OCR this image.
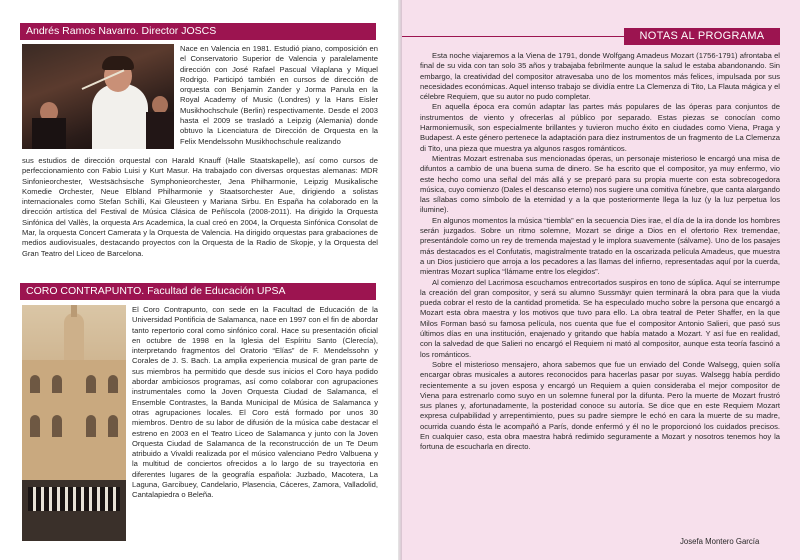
Andrés Ramos Navarro. Director JOSCS
Nace en Valencia en 1981. Estudió piano, composición en el Conservatorio Superior de Valencia y paralelamente dirección con José Rafael Pascual Vilaplana y Miquel Rodrigo. Participó también en cursos de dirección de orquesta con Benjamin Zander y Jorma Panula en la Royal Academy of Music (Londres) y la Hans Eisler Musikhochschule (Berlin) respectivamente. Desde el 2003 hasta el 2009 se trasladó a Leipzig (Alemania) donde obtuvo la Licenciatura de Dirección de Orquesta en la Felix Mendelssohn Musikhochschule realizando
sus estudios de dirección orquestal con Harald Knauff (Halle Staatskapelle), así como cursos de perfeccionamiento con Fabio Luisi y Kurt Masur. Ha trabajado con diversas orquestas alemanas: MDR Sinfonieorchester, Westsächsische Symphonieorchester, Jena Philharmonie, Leipzig Musikalische Komedie Orchester, Neue Elbland Philharmonie y Staatsorchester Aue, dirigiendo a solistas internacionales como Stefan Schilli, Kai Gleusteen y Mariana Sirbu. En España ha colaborado en la dirección artística del Festival de Música Clásica de Peñíscola (2008-2011). Ha dirigido la Orquesta Sinfónica del Vallès, la orquesta Ars Academica, la cual creó en 2004, la Orquesta Sinfónica Consolat de Mar, la orquesta Concert Camerata y la Orquesta de Valencia. Ha dirigido orquestas para grabaciones de medios audiovisuales, destacando proyectos con la Orquesta de la Radio de Skopje, y la Orquesta del Gran Teatro del Liceo de Barcelona.
CORO CONTRAPUNTO. Facultad de Educación UPSA
El Coro Contrapunto, con sede en la Facultad de Educación de la Universidad Pontificia de Salamanca, nace en 1997 con el fin de abordar tanto repertorio coral como sinfónico coral. Hace su presentación oficial en octubre de 1998 en la Iglesia del Espíritu Santo (Clerecía), interpretando fragmentos del Oratorio “Elías” de F. Mendelssohn y Corales de J. S. Bach. La amplia experiencia musical de gran parte de sus miembros ha permitido que desde sus inicios el Coro haya podido abordar ambiciosos programas, así como colaborar con agrupaciones instrumentales como la Joven Orquesta Ciudad de Salamanca, el Ensemble Contrastes, la Banda Municipal de Música de Salamanca y otras agrupaciones locales. El Coro está formado por unos 30 miembros. Dentro de su labor de difusión de la música cabe destacar el estreno en 2003 en el Teatro Liceo de Salamanca y junto con la Joven Orquesta Ciudad de Salamanca de la reconstrucción de un Te Deum atribuido a Vivaldi realizada por el músico valenciano Pedro Valbuena y la multitud de conciertos ofrecidos a lo largo de su trayectoria en diferentes lugares de la geografía española: Juzbado, Macotera, La Laguna, Garcibuey, Candelario, Plasencia, Cáceres, Zamora, Valladolid, Cantalapiedra o Beleña.
NOTAS AL PROGRAMA

Esta noche viajaremos a la Viena de 1791, donde Wolfgang Amadeus Mozart (1756-1791) afrontaba el final de su vida con tan solo 35 años y trabajaba febrilmente aunque la salud le estaba abandonando. Sin embargo, la creatividad del compositor atravesaba uno de los momentos más felices, impulsada por sus necesidades económicas. Aquel intenso trabajo se dividía entre La Clemenza di Tito, La Flauta mágica y el célebre Requiem, que su autor no pudo completar.

En aquella época era común adaptar las partes más populares de las óperas para conjuntos de instrumentos de viento y ofrecerlas al público por separado. Estas piezas se conocían como Harmoniemusik, son especialmente brillantes y tuvieron mucho éxito en ciudades como Viena, Praga y Budapest. A este género pertenece la adaptación para diez instrumentos de un fragmento de La Clemenza di Tito, una pieza que muestra ya algunos rasgos románticos.

Mientras Mozart estrenaba sus mencionadas óperas, un personaje misterioso le encargó una misa de difuntos a cambio de una buena suma de dinero. Se ha escrito que el compositor, ya muy enfermo, vio este hecho como una señal del más allá y se preparó para su propia muerte con esta sobrecogedora música, cuyo comienzo (Dales el descanso eterno) nos sugiere una comitiva fúnebre, que canta alargando las sílabas como símbolo de la eternidad y a la que posteriormente llega la luz (y la luz perpetua los ilumine).

En algunos momentos la música “tiembla” en la secuencia Dies irae, el día de la ira donde los hombres serán juzgados. Sobre un ritmo solemne, Mozart se dirige a Dios en el ofertorio Rex tremendae, presentándole como un rey de tremenda majestad y le implora suavemente (sálvame). Uno de los pasajes más destacados es el Confutatis, magistralmente tratado en la oscarizada película Amadeus, que muestra a un Dios justiciero que arroja a los pecadores a las llamas del infierno, representadas aquí por la cuerda, mientras Mozart suplica “llámame entre los elegidos”.

Al comienzo del Lacrimosa escuchamos entrecortados suspiros en tono de súplica. Aquí se interrumpe la creación del gran compositor, y será su alumno Sussmäyr quien terminará la obra para que la viuda pueda cobrar el resto de la cantidad prometida. Se ha especulado mucho sobre la persona que encargó a Mozart esta obra maestra y los motivos que tuvo para ello. La obra teatral de Peter Shaffer, en la que Milos Forman basó su famosa película, nos cuenta que fue el compositor Antonio Salieri, que pasó sus últimos días en una institución, enajenado y gritando que había matado a Mozart. Y así fue en realidad, con la salvedad de que Salieri no encargó el Requiem ni mató al compositor, aunque esta teoría fascinó a los románticos.

Sobre el misterioso mensajero, ahora sabemos que fue un enviado del Conde Walsegg, quien solía encargar obras musicales a autores reconocidos para hacerlas pasar por suyas. Walsegg había perdido recientemente a su joven esposa y encargó un Requiem a quien consideraba el mejor compositor de Viena para estrenarlo como suyo en un solemne funeral por la difunta. Pero la muerte de Mozart frustró sus planes y, afortunadamente, la posteridad conoce su autoría. Se dice que en este Requiem Mozart expresa culpabilidad y arrepentimiento, pues su padre siempre le echó en cara la muerte de su madre, ocurrida cuando ésta le acompañó a París, donde enfermó y él no le proporcionó los cuidados precisos. En cualquier caso, esta obra maestra habrá redimido seguramente a Mozart y nosotros tenemos hoy la fortuna de escucharla en directo.

Josefa Montero García
